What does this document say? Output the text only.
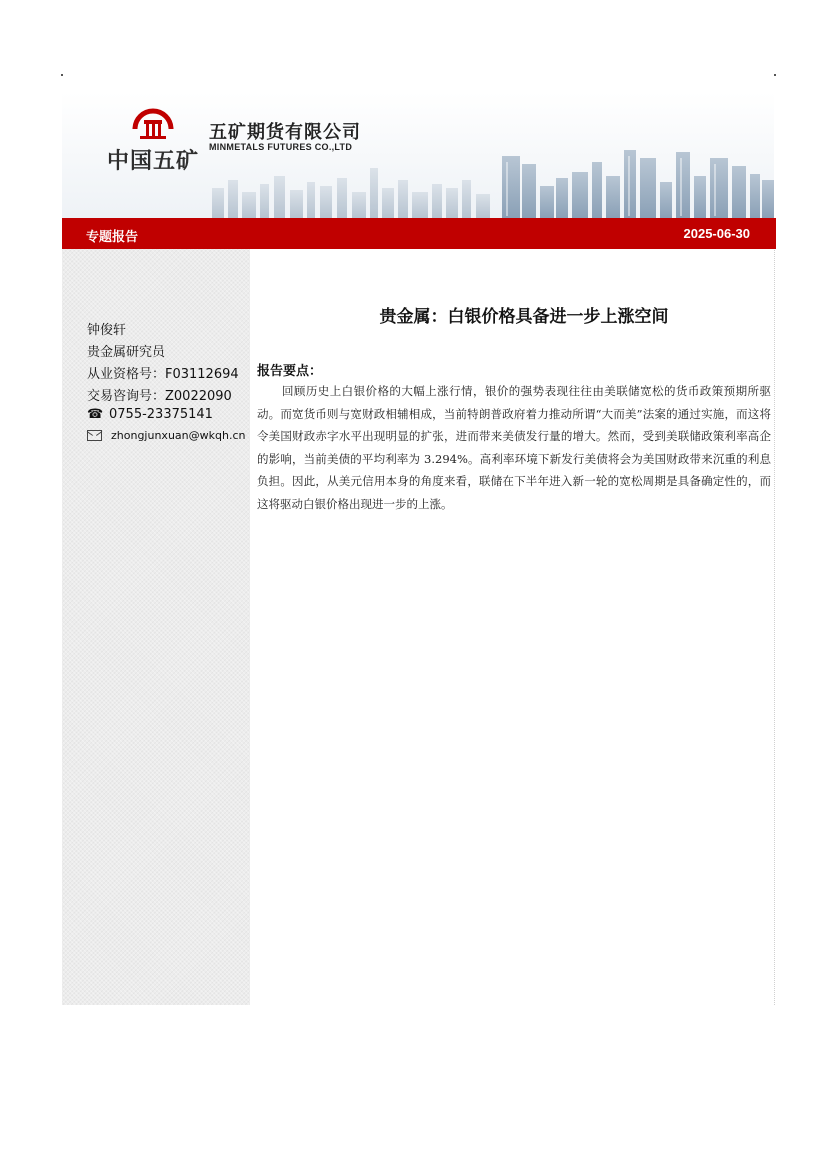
中国五矿
五矿期货有限公司
MINMETALS FUTURES CO.,LTD
专题报告	2025-06-30
钟俊轩
贵金属研究员
从业资格号：F03112694
交易咨询号：Z0022090
☎ 0755-23375141
zhongjunxuan@wkqh.cn
贵金属：白银价格具备进一步上涨空间
报告要点：

回顾历史上白银价格的大幅上涨行情，银价的强势表现往往由美联储宽松的货币政策预期所驱动。而宽货币则与宽财政相辅相成，当前特朗普政府着力推动所谓“大而美”法案的通过实施，而这将令美国财政赤字水平出现明显的扩张，进而带来美债发行量的增大。然而，受到美联储政策利率高企的影响，当前美债的平均利率为 3.294%。高利率环境下新发行美债将会为美国财政带来沉重的利息负担。因此，从美元信用本身的角度来看，联储在下半年进入新一轮的宽松周期是具备确定性的，而这将驱动白银价格出现进一步的上涨。
